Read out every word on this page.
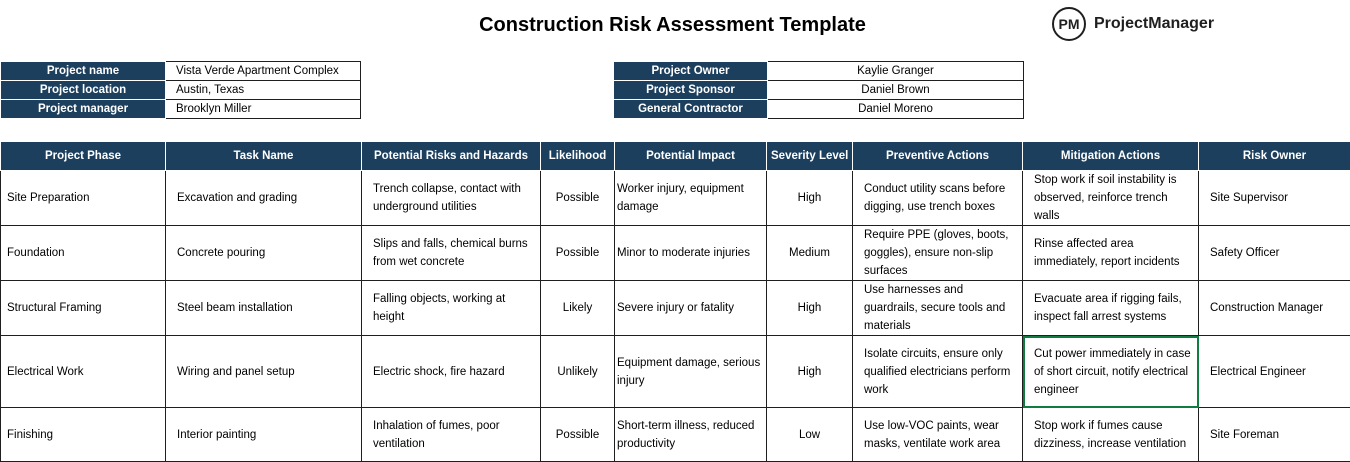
Construction Risk Assessment Template	PM ProjectManager
Project name	Vista Verde Apartment Complex
Project location	Austin, Texas
Project manager	Brooklyn Miller
Project Owner	Kaylie Granger
Project Sponsor	Daniel Brown
General Contractor	Daniel Moreno
Project Phase	Task Name	Potential Risks and Hazards	Likelihood	Potential Impact	Severity Level	Preventive Actions	Mitigation Actions	Risk Owner
Site Preparation	Excavation and grading	Trench collapse, contact with underground utilities	Possible	Worker injury, equipment damage	High	Conduct utility scans before digging, use trench boxes	Stop work if soil instability is observed, reinforce trench walls	Site Supervisor
Foundation	Concrete pouring	Slips and falls, chemical burns from wet concrete	Possible	Minor to moderate injuries	Medium	Require PPE (gloves, boots, goggles), ensure non-slip surfaces	Rinse affected area immediately, report incidents	Safety Officer
Structural Framing	Steel beam installation	Falling objects, working at height	Likely	Severe injury or fatality	High	Use harnesses and guardrails, secure tools and materials	Evacuate area if rigging fails, inspect fall arrest systems	Construction Manager
Electrical Work	Wiring and panel setup	Electric shock, fire hazard	Unlikely	Equipment damage, serious injury	High	Isolate circuits, ensure only qualified electricians perform work	Cut power immediately in case of short circuit, notify electrical engineer	Electrical Engineer
Finishing	Interior painting	Inhalation of fumes, poor ventilation	Possible	Short-term illness, reduced productivity	Low	Use low-VOC paints, wear masks, ventilate work area	Stop work if fumes cause dizziness, increase ventilation	Site Foreman
